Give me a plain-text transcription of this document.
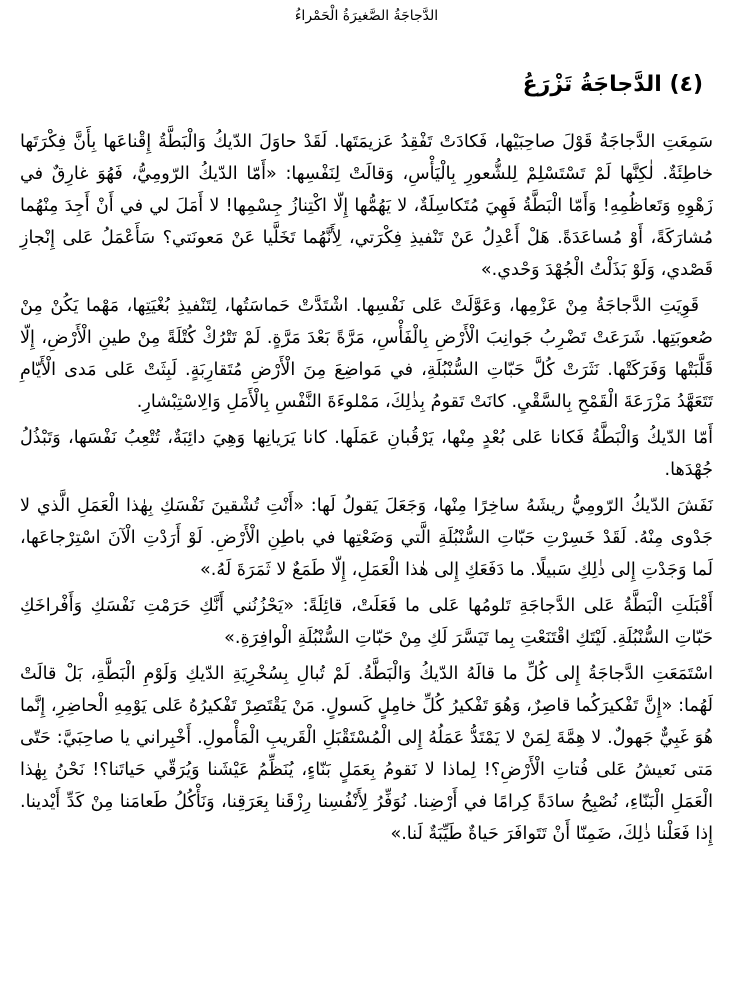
الدَّجاجَةُ الصَّغيرَةُ الْحَمْراءُ
(٤) الدَّجاجَةُ تَزْرَعُ

سَمِعَتِ الدَّجاجَةُ قَوْلَ صاحِبَيْها، فَكادَتْ تَفْقِدُ عَزيمَتَها. لَقَدْ حاوَلَ الدّيكُ وَالْبَطَّةُ إِقْناعَها بِأَنَّ فِكْرَتَها خاطِئَةٌ. لٰكِنَّها لَمْ تَسْتَسْلِمْ لِلشُّعورِ بِالْيَأْسِ، وَقالَتْ لِنَفْسِها: «أَمّا الدّيكُ الرّومِيُّ، فَهُوَ غارِقٌ في زَهْوِهِ وَتَعاظُمِهِ! وَأَمّا الْبَطَّةُ فَهِيَ مُتَكاسِلَةٌ، لا يَهُمُّها إِلّا اكْتِنازُ جِسْمِها! لا أَمَلَ لي في أَنْ أَجِدَ مِنْهُما مُشارَكَةً، أَوْ مُساعَدَةً. هَلْ أَعْدِلُ عَنْ تَنْفيذِ فِكْرَتي، لِأَنَّهُما تَخَلَّيا عَنْ مَعونَتي؟ سَأَعْمَلُ عَلى إِنْجازِ قَصْدي، وَلَوْ بَذَلْتُ الْجُهْدَ وَحْدي.»

قَوِيَتِ الدَّجاجَةُ مِنْ عَزْمِها، وَعَوَّلَتْ عَلى نَفْسِها. اشْتَدَّتْ حَماسَتُها، لِتَنْفيذِ بُغْيَتِها، مَهْما يَكُنْ مِنْ صُعوبَتِها. شَرَعَتْ تَضْرِبُ جَوانِبَ الْأَرْضِ بِالْفَأْسِ، مَرَّةً بَعْدَ مَرَّةٍ. لَمْ تَتْرُكْ كُتْلَةً مِنْ طينِ الْأَرْضِ، إِلّا قَلَّبَتْها وَفَرَكَتْها. نَثَرَتْ كُلَّ حَبّاتِ السُّنْبُلَةِ، في مَواضِعَ مِنَ الْأَرْضِ مُتَقارِبَةٍ. لَبِثَتْ عَلى مَدى الْأَيّامِ تَتَعَهَّدُ مَزْرَعَةَ الْقَمْحِ بِالسَّقْيِ. كانَتْ تَقومُ بِذٰلِكَ، مَمْلوءَةَ النَّفْسِ بِالْأَمَلِ وَالِاسْتِبْشارِ.

أَمّا الدّيكُ وَالْبَطَّةُ فَكانا عَلى بُعْدٍ مِنْها، يَرْقُبانِ عَمَلَها. كانا يَرَيانِها وَهِيَ دائِبَةٌ، تُتْعِبُ نَفْسَها، وَتَبْذُلُ جُهْدَها.

نَفَشَ الدّيكُ الرّومِيُّ ريشَهُ ساخِرًا مِنْها، وَجَعَلَ يَقولُ لَها: «أَنْتِ تُشْقينَ نَفْسَكِ بِهٰذا الْعَمَلِ الَّذي لا جَدْوى مِنْهُ. لَقَدْ خَسِرْتِ حَبّاتِ السُّنْبُلَةِ الَّتي وَضَعْتِها في باطِنِ الْأَرْضِ. لَوْ أَرَدْتِ الْآنَ اسْتِرْجاعَها، لَما وَجَدْتِ إِلى ذٰلِكِ سَبيلًا. ما دَفَعَكِ إِلى هٰذا الْعَمَلِ، إِلّا طَمَعٌ لا ثَمَرَةَ لَهُ.»

أَقْبَلَتِ الْبَطَّةُ عَلى الدَّجاجَةِ تَلومُها عَلى ما فَعَلَتْ، قائِلَةً: «يَحْزُنُني أَنَّكِ حَرَمْتِ نَفْسَكِ وَأَفْراخَكِ حَبّاتِ السُّنْبُلَةِ. لَيْتَكِ اقْتَنَعْتِ بِما تَيَسَّرَ لَكِ مِنْ حَبّاتِ السُّنْبُلَةِ الْوافِرَةِ.»

اسْتَمَعَتِ الدَّجاجَةُ إِلى كُلِّ ما قالَهُ الدّيكُ وَالْبَطَّةُ. لَمْ تُبالِ بِسُخْرِيَةِ الدّيكِ وَلَوْمِ الْبَطَّةِ، بَلْ قالَتْ لَهُما: «إِنَّ تَفْكيرَكُما قاصِرٌ، وَهُوَ تَفْكيرُ كُلِّ خامِلٍ كَسولٍ. مَنْ يَقْتَصِرْ تَفْكيرُهُ عَلى يَوْمِهِ الْحاضِرِ، إِنَّما هُوَ غَبِيٌّ جَهولٌ. لا هِمَّةَ لِمَنْ لا يَمْتَدُّ عَمَلُهُ إِلى الْمُسْتَقْبَلِ الْقَريبِ الْمَأْمولِ. أَخْبِراني يا صاحِبَيَّ: حَتّى مَتى نَعيشُ عَلى فُتاتِ الْأَرْضِ؟! لِماذا لا نَقومُ بِعَمَلٍ بَنّاءٍ، يُنَظِّمُ عَيْشَنا وَيُرَقّي حَياتَنا؟! نَحْنُ بِهٰذا الْعَمَلِ الْبَنّاءِ، نُصْبِحُ سادَةً كِرامًا في أَرْضِنا. نُوَفِّرُ لِأَنْفُسِنا رِزْقَنا بِعَرَقِنا، وَنَأْكُلُ طَعامَنا مِنْ كَدِّ أَيْدينا. إِذا فَعَلْنا ذٰلِكَ، ضَمِنّا أَنْ تَتَوافَرَ حَياةٌ طَيِّبَةٌ لَنا.»
